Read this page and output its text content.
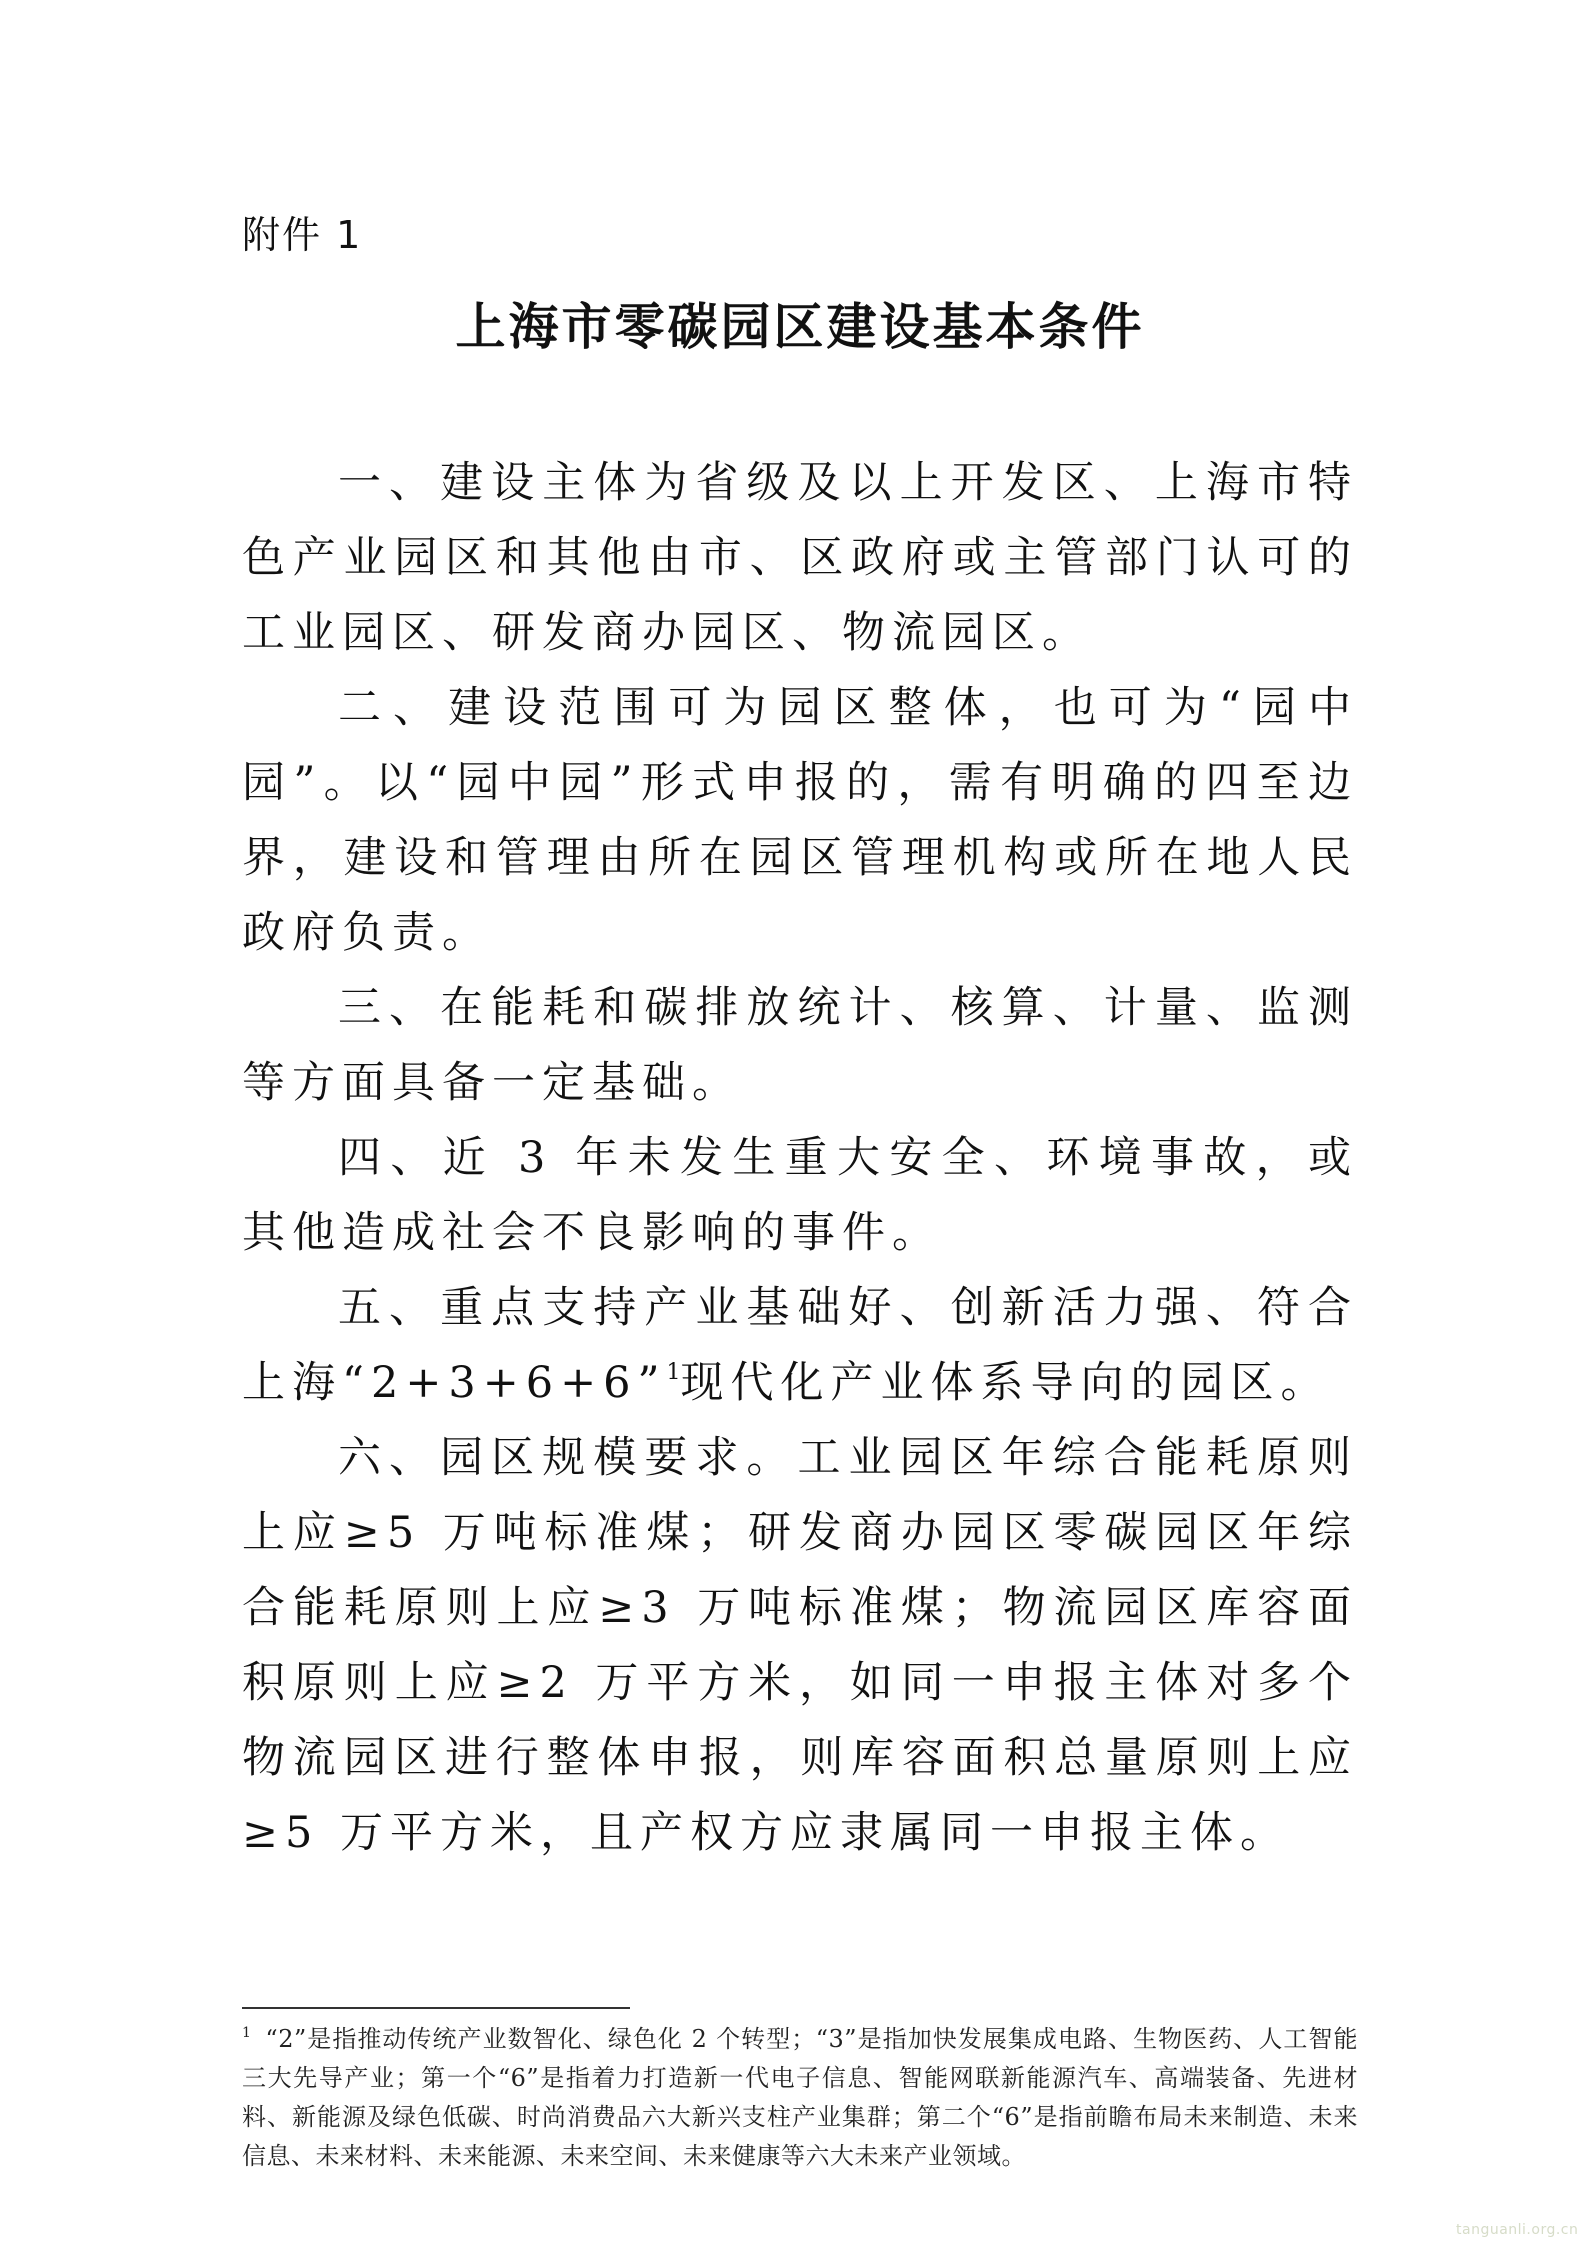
附件 1
上海市零碳园区建设基本条件

一、建设主体为省级及以上开发区、上海市特色产业园区和其他由市、区政府或主管部门认可的工业园区、研发商办园区、物流园区。

二、建设范围可为园区整体，也可为“园中园”。以“园中园”形式申报的，需有明确的四至边界，建设和管理由所在园区管理机构或所在地人民政府负责。

三、在能耗和碳排放统计、核算、计量、监测等方面具备一定基础。

四、近 3 年未发生重大安全、环境事故，或其他造成社会不良影响的事件。

五、重点支持产业基础好、创新活力强、符合上海“2+3+6+6”$^1$现代化产业体系导向的园区。

六、园区规模要求。工业园区年综合能耗原则上应≥5 万吨标准煤；研发商办园区零碳园区年综合能耗原则上应≥3 万吨标准煤；物流园区库容面积原则上应≥2 万平方米，如同一申报主体对多个物流园区进行整体申报，则库容面积总量原则上应≥5 万平方米，且产权方应隶属同一申报主体。

$^1$ “2”是指推动传统产业数智化、绿色化 2 个转型；“3”是指加快发展集成电路、生物医药、人工智能三大先导产业；第一个“6”是指着力打造新一代电子信息、智能网联新能源汽车、高端装备、先进材料、新能源及绿色低碳、时尚消费品六大新兴支柱产业集群；第二个“6”是指前瞻布局未来制造、未来信息、未来材料、未来能源、未来空间、未来健康等六大未来产业领域。

tanguanli.org.cn
